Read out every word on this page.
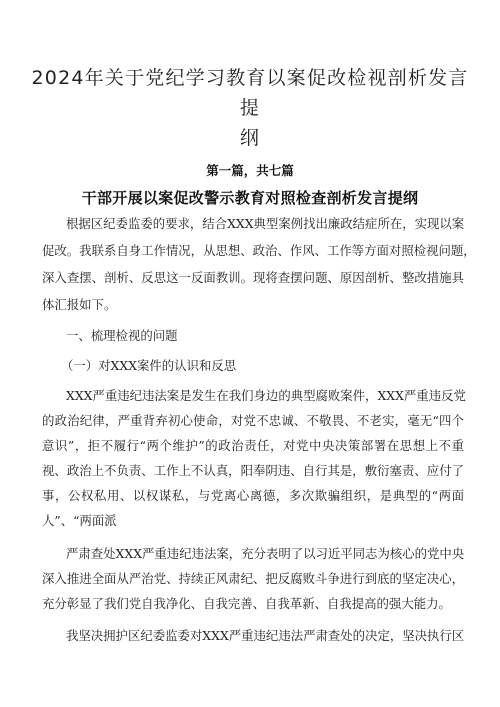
2024年关于党纪学习教育以案促改检视剖析发言提
纲
第一篇，共七篇
干部开展以案促改警示教育对照检查剖析发言提纲
根据区纪委监委的要求，结合XXX典型案例找出廉政结症所在，实现以案
促改。我联系自身工作情况，从思想、政治、作风、工作等方面对照检视问题，
深入查摆、剖析、反思这一反面教训。现将查摆问题、原因剖析、整改措施具
体汇报如下。
一、梳理检视的问题
（一）对XXX案件的认识和反思
XXX严重违纪违法案是发生在我们身边的典型腐败案件，XXX严重违反党
的政治纪律，严重背弃初心使命，对党不忠诚、不敬畏、不老实，毫无“四个
意识”，拒不履行“两个维护”的政治责任，对党中央决策部署在思想上不重
视、政治上不负责、工作上不认真，阳奉阴违、自行其是，敷衍塞责、应付了
事，公权私用、以权谋私，与党离心离德，多次欺骗组织，是典型的“两面
人”、“两面派
严肃查处XXX严重违纪违法案，充分表明了以习近平同志为核心的党中央
深入推进全面从严治党、持续正风肃纪、把反腐败斗争进行到底的坚定决心，
充分彰显了我们党自我净化、自我完善、自我革新、自我提高的强大能力。
我坚决拥护区纪委监委对XXX严重违纪违法严肃查处的决定，坚决执行区
